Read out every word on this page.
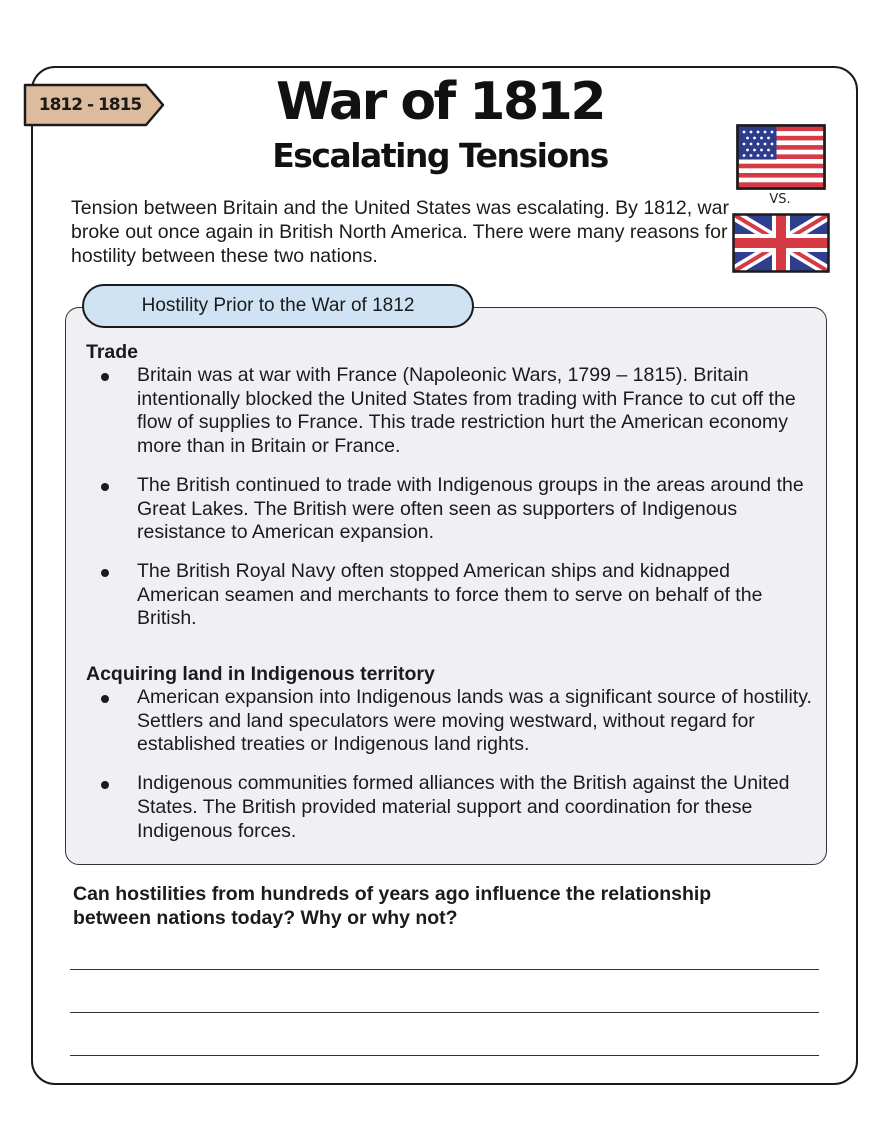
1812 - 1815	War of 1812
Escalating Tensions
VS.

Tension between Britain and the United States was escalating. By 1812, war broke out once again in British North America. There were many reasons for hostility between these two nations.

Hostility Prior to the War of 1812
Trade
Britain was at war with France (Napoleonic Wars, 1799 – 1815). Britain intentionally blocked the United States from trading with France to cut off the flow of supplies to France. This trade restriction hurt the American economy more than in Britain or France.
The British continued to trade with Indigenous groups in the areas around the Great Lakes. The British were often seen as supporters of Indigenous resistance to American expansion.
The British Royal Navy often stopped American ships and kidnapped American seamen and merchants to force them to serve on behalf of the British.
Acquiring land in Indigenous territory
American expansion into Indigenous lands was a significant source of hostility. Settlers and land speculators were moving westward, without regard for established treaties or Indigenous land rights.
Indigenous communities formed alliances with the British against the United States. The British provided material support and coordination for these Indigenous forces.

Can hostilities from hundreds of years ago influence the relationship between nations today? Why or why not?
